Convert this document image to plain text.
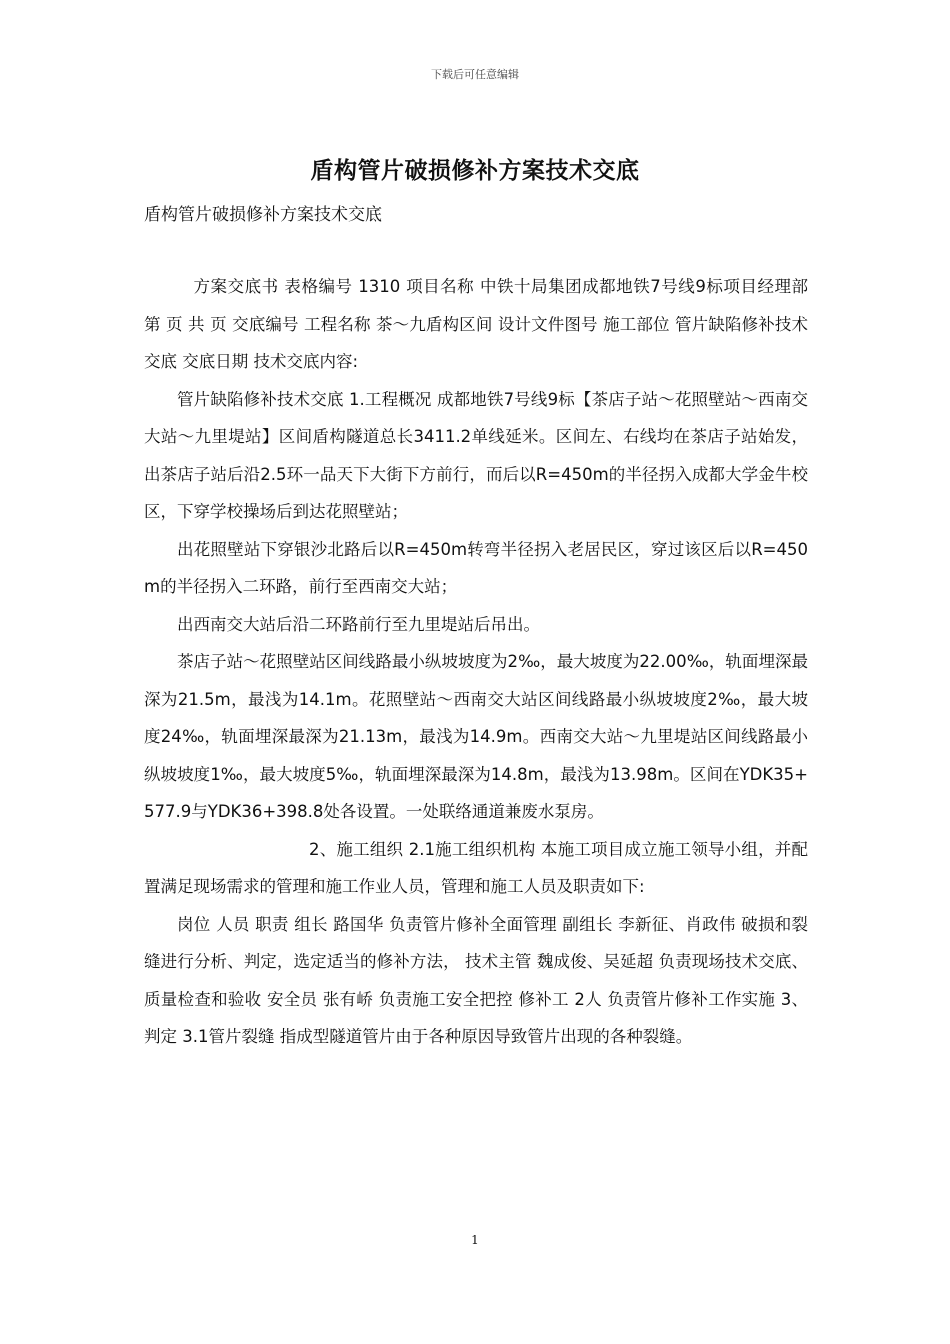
下载后可任意编辑
盾构管片破损修补方案技术交底
盾构管片破损修补方案技术交底

方案交底书 表格编号 1310 项目名称 中铁十局集团成都地铁7号线9标项目经理部 第 页 共 页 交底编号 工程名称 茶～九盾构区间 设计文件图号 施工部位 管片缺陷修补技术交底 交底日期 技术交底内容:

管片缺陷修补技术交底 1.工程概况 成都地铁7号线9标【茶店子站～花照壁站～西南交大站～九里堤站】区间盾构隧道总长3411.2单线延米。区间左、右线均在茶店子站始发，出茶店子站后沿2.5环一品天下大街下方前行，而后以R=450m的半径拐入成都大学金牛校区，下穿学校操场后到达花照壁站；

出花照壁站下穿银沙北路后以R=450m转弯半径拐入老居民区，穿过该区后以R=450m的半径拐入二环路，前行至西南交大站；

出西南交大站后沿二环路前行至九里堤站后吊出。

茶店子站～花照壁站区间线路最小纵坡坡度为2‰，最大坡度为22.00‰，轨面埋深最深为21.5m，最浅为14.1m。花照壁站～西南交大站区间线路最小纵坡坡度2‰，最大坡度24‰，轨面埋深最深为21.13m，最浅为14.9m。西南交大站～九里堤站区间线路最小纵坡坡度1‰，最大坡度5‰，轨面埋深最深为14.8m，最浅为13.98m。区间在YDK35+577.9与YDK36+398.8处各设置。一处联络通道兼废水泵房。

2、施工组织 2.1施工组织机构 本施工项目成立施工领导小组，并配置满足现场需求的管理和施工作业人员，管理和施工人员及职责如下:

岗位 人员 职责 组长 路国华 负责管片修补全面管理 副组长 李新征、肖政伟 破损和裂缝进行分析、判定，选定适当的修补方法， 技术主管 魏成俊、吴延超 负责现场技术交底、质量检查和验收 安全员 张有峤 负责施工安全把控 修补工 2人 负责管片修补工作实施 3、判定 3.1管片裂缝 指成型隧道管片由于各种原因导致管片出现的各种裂缝。

1
